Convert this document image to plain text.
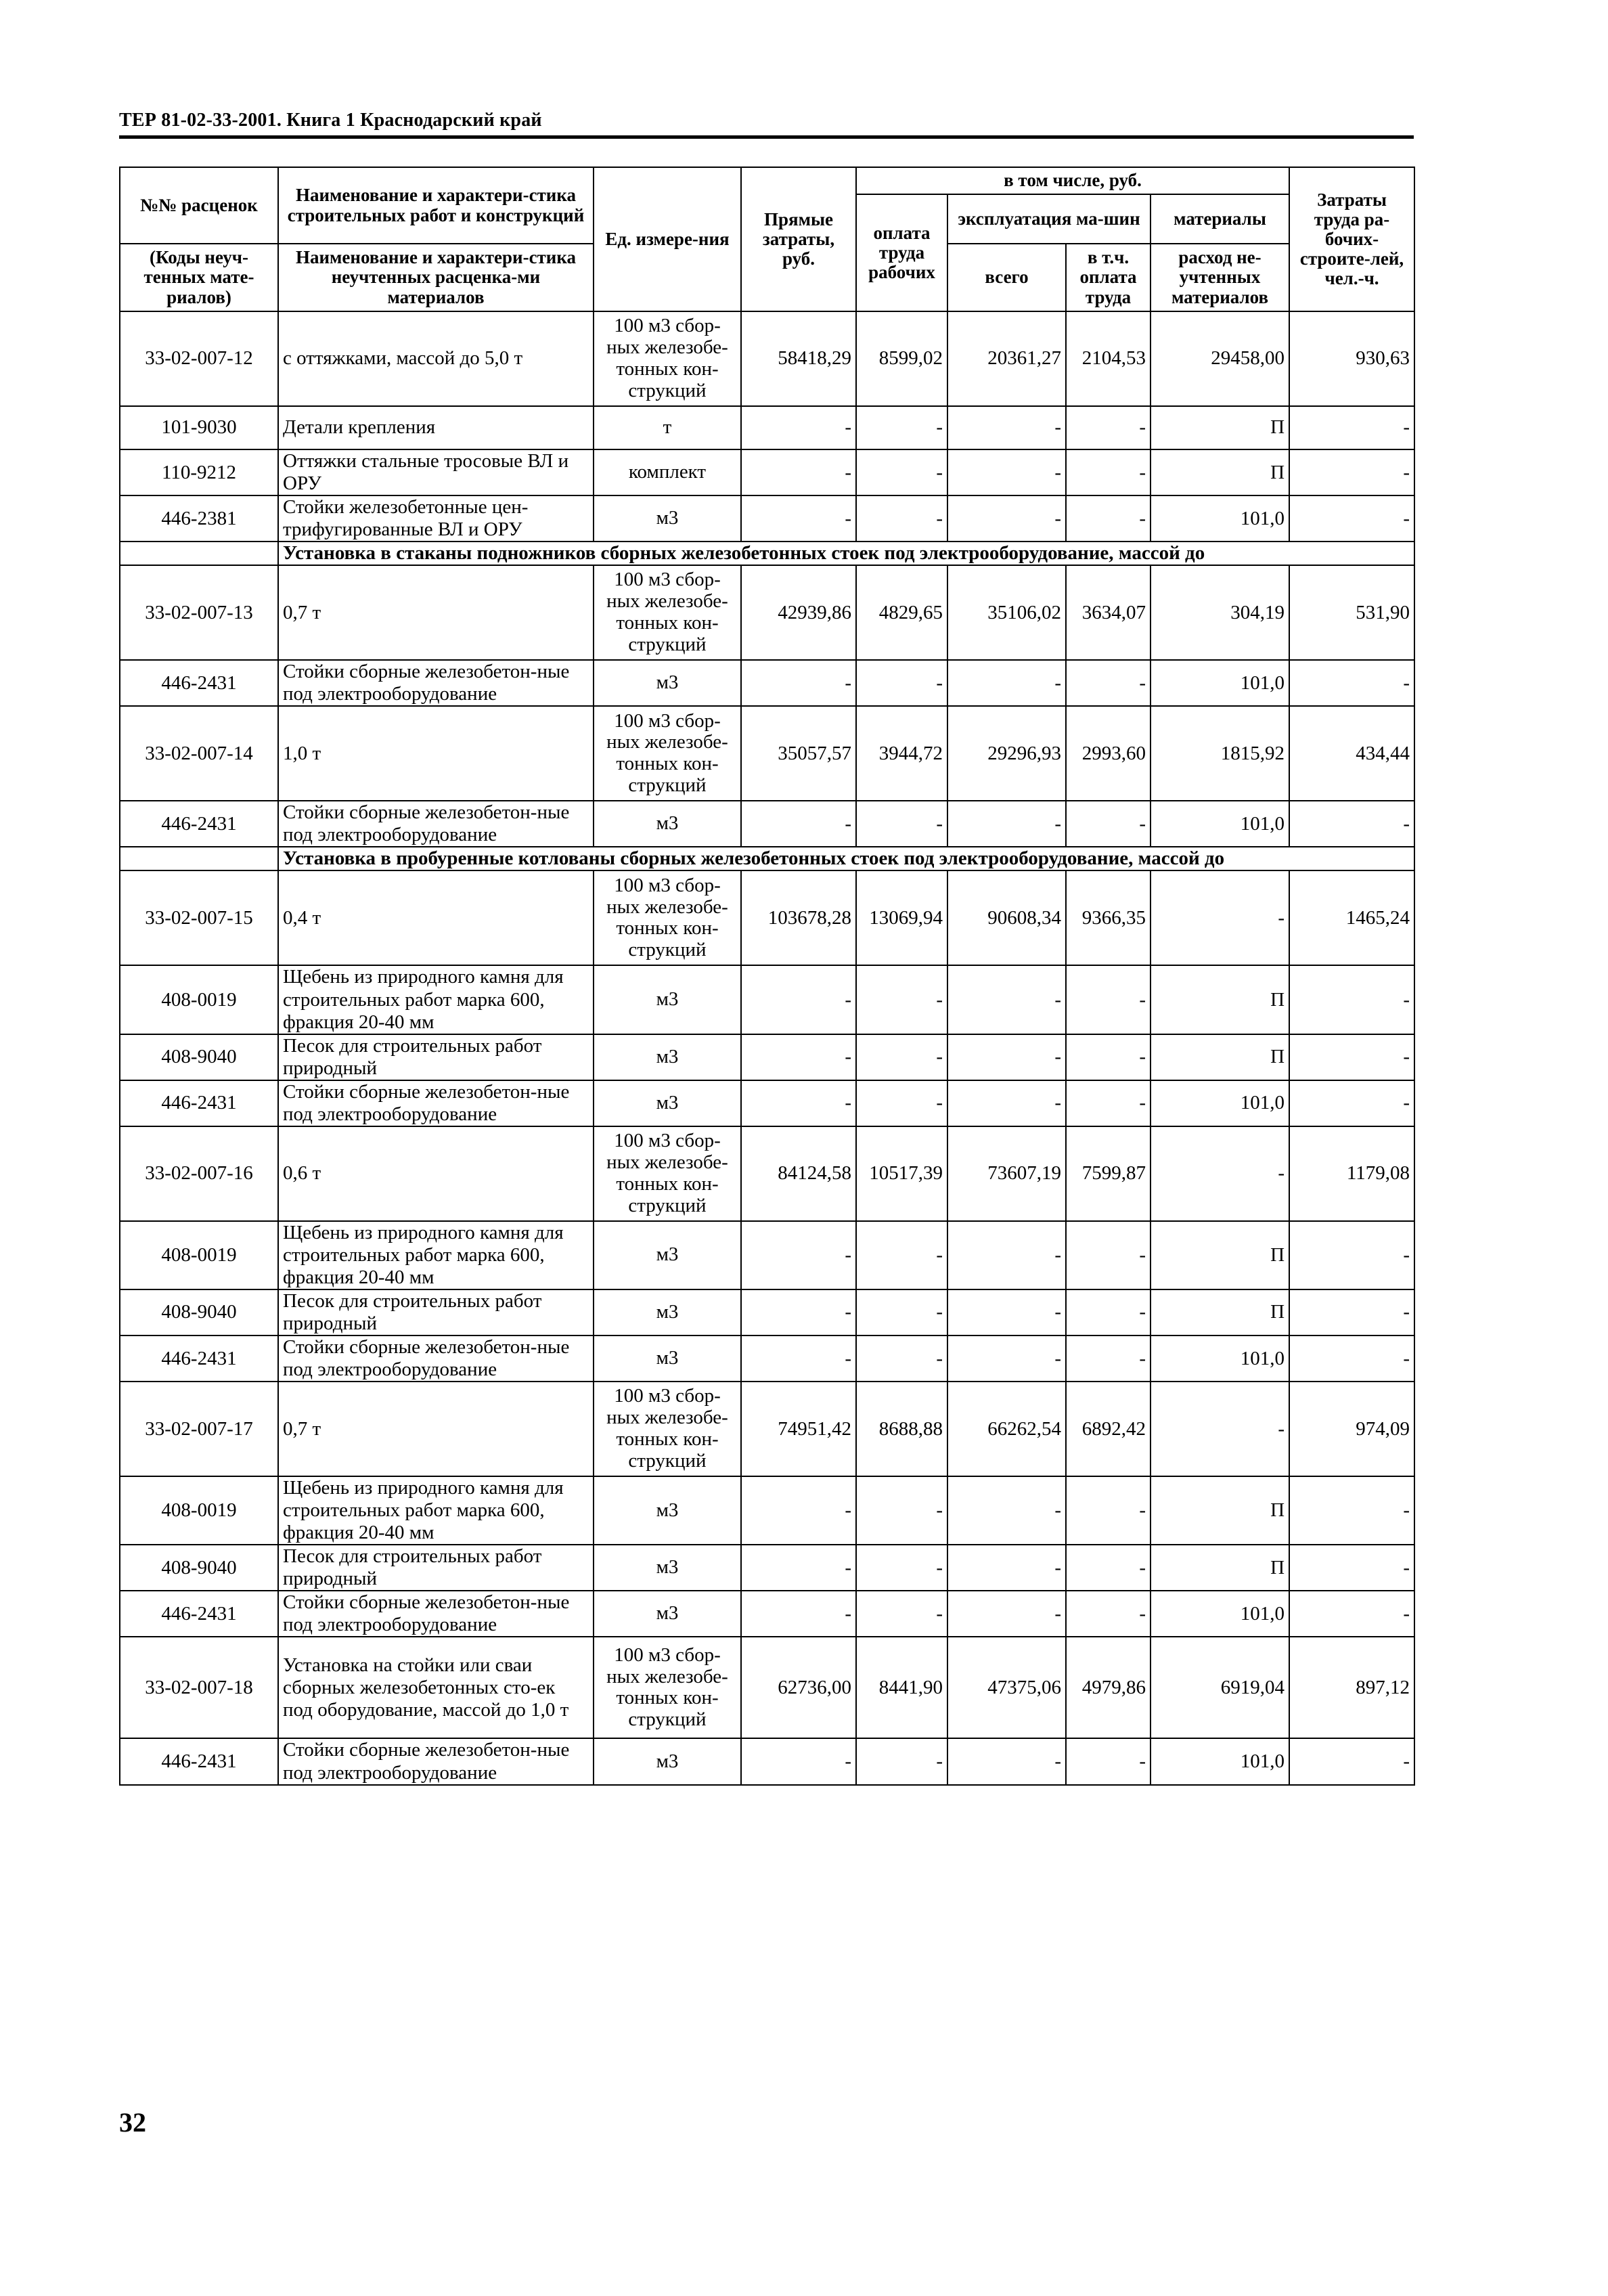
ТЕР 81-02-33-2001. Книга 1 Краснодарский край
№№ расценок	Наименование и характери-стика строительных работ и конструкций	Ед. измере-ния	Прямые затраты, руб.	в том числе, руб.				Затраты труда ра-бочих-строите-лей, чел.-ч.
				оплата труда рабочих	эксплуатация ма-шин		материалы	
(Коды неуч-тенных мате-риалов)	Наименование и характери-стика неучтенных расценка-ми материалов				всего	в т.ч. оплата труда	расход не-учтенных материалов	

33-02-007-12	с оттяжками, массой до 5,0 т	100 м3 сбор-ных железобе-тонных кон-струкций	58418,29	8599,02	20361,27	2104,53	29458,00	930,63
101-9030	Детали крепления	т	-	-	-	-	П	-
110-9212	Оттяжки стальные тросовые ВЛ и ОРУ	комплект	-	-	-	-	П	-
446-2381	Стойки железобетонные цен-трифугированные ВЛ и ОРУ	м3	-	-	-	-	101,0	-
	Установка в стаканы подножников сборных железобетонных стоек под электрооборудование, массой до							
33-02-007-13	0,7 т	100 м3 сбор-ных железобе-тонных кон-струкций	42939,86	4829,65	35106,02	3634,07	304,19	531,90
446-2431	Стойки сборные железобетон-ные под электрооборудование	м3	-	-	-	-	101,0	-
33-02-007-14	1,0 т	100 м3 сбор-ных железобе-тонных кон-струкций	35057,57	3944,72	29296,93	2993,60	1815,92	434,44
446-2431	Стойки сборные железобетон-ные под электрооборудование	м3	-	-	-	-	101,0	-
	Установка в пробуренные котлованы сборных железобетонных стоек под электрооборудование, массой до							
33-02-007-15	0,4 т	100 м3 сбор-ных железобе-тонных кон-струкций	103678,28	13069,94	90608,34	9366,35	-	1465,24
408-0019	Щебень из природного камня для строительных работ марка 600, фракция 20-40 мм	м3	-	-	-	-	П	-
408-9040	Песок для строительных работ природный	м3	-	-	-	-	П	-
446-2431	Стойки сборные железобетон-ные под электрооборудование	м3	-	-	-	-	101,0	-
33-02-007-16	0,6 т	100 м3 сбор-ных железобе-тонных кон-струкций	84124,58	10517,39	73607,19	7599,87	-	1179,08
408-0019	Щебень из природного камня для строительных работ марка 600, фракция 20-40 мм	м3	-	-	-	-	П	-
408-9040	Песок для строительных работ природный	м3	-	-	-	-	П	-
446-2431	Стойки сборные железобетон-ные под электрооборудование	м3	-	-	-	-	101,0	-
33-02-007-17	0,7 т	100 м3 сбор-ных железобе-тонных кон-струкций	74951,42	8688,88	66262,54	6892,42	-	974,09
408-0019	Щебень из природного камня для строительных работ марка 600, фракция 20-40 мм	м3	-	-	-	-	П	-
408-9040	Песок для строительных работ природный	м3	-	-	-	-	П	-
446-2431	Стойки сборные железобетон-ные под электрооборудование	м3	-	-	-	-	101,0	-
33-02-007-18	Установка на стойки или сваи сборных железобетонных сто-ек под оборудование, массой до 1,0 т	100 м3 сбор-ных железобе-тонных кон-струкций	62736,00	8441,90	47375,06	4979,86	6919,04	897,12
446-2431	Стойки сборные железобетон-ные под электрооборудование	м3	-	-	-	-	101,0	-
32
